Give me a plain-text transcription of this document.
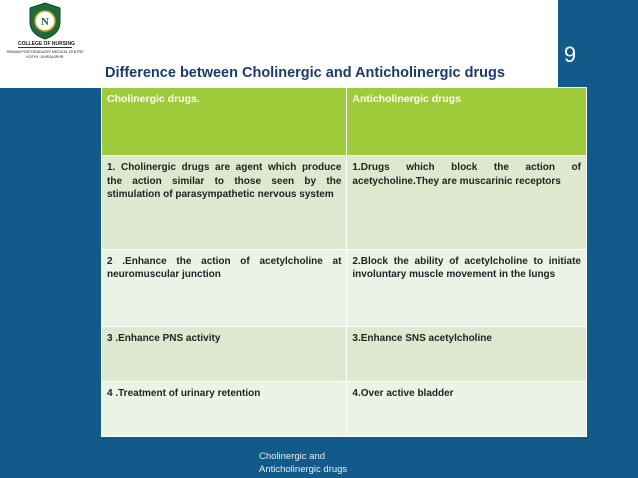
N
COLLEGE OF NURSING
SRIMAN POSTGRADUATE MEDICAL CENTRE
KOTHY, GURDASPUR
Difference between Cholinergic and Anticholinergic drugs
9
Cholinergic drugs.	Anticholinergic drugs
1. Cholinergic drugs are agent which produce the action similar to those seen by the stimulation of parasympathetic nervous system	1.Drugs which block the action of acetycholine.They are muscarinic receptors
2 .Enhance the action of acetylcholine at neuromuscular junction	2.Block the ability of acetylcholine to initiate involuntary muscle movement in the lungs
3 .Enhance PNS activity	3.Enhance SNS acetylcholine
4 .Treatment of urinary retention	4.Over active bladder
Cholinergic and
Anticholinergic drugs
